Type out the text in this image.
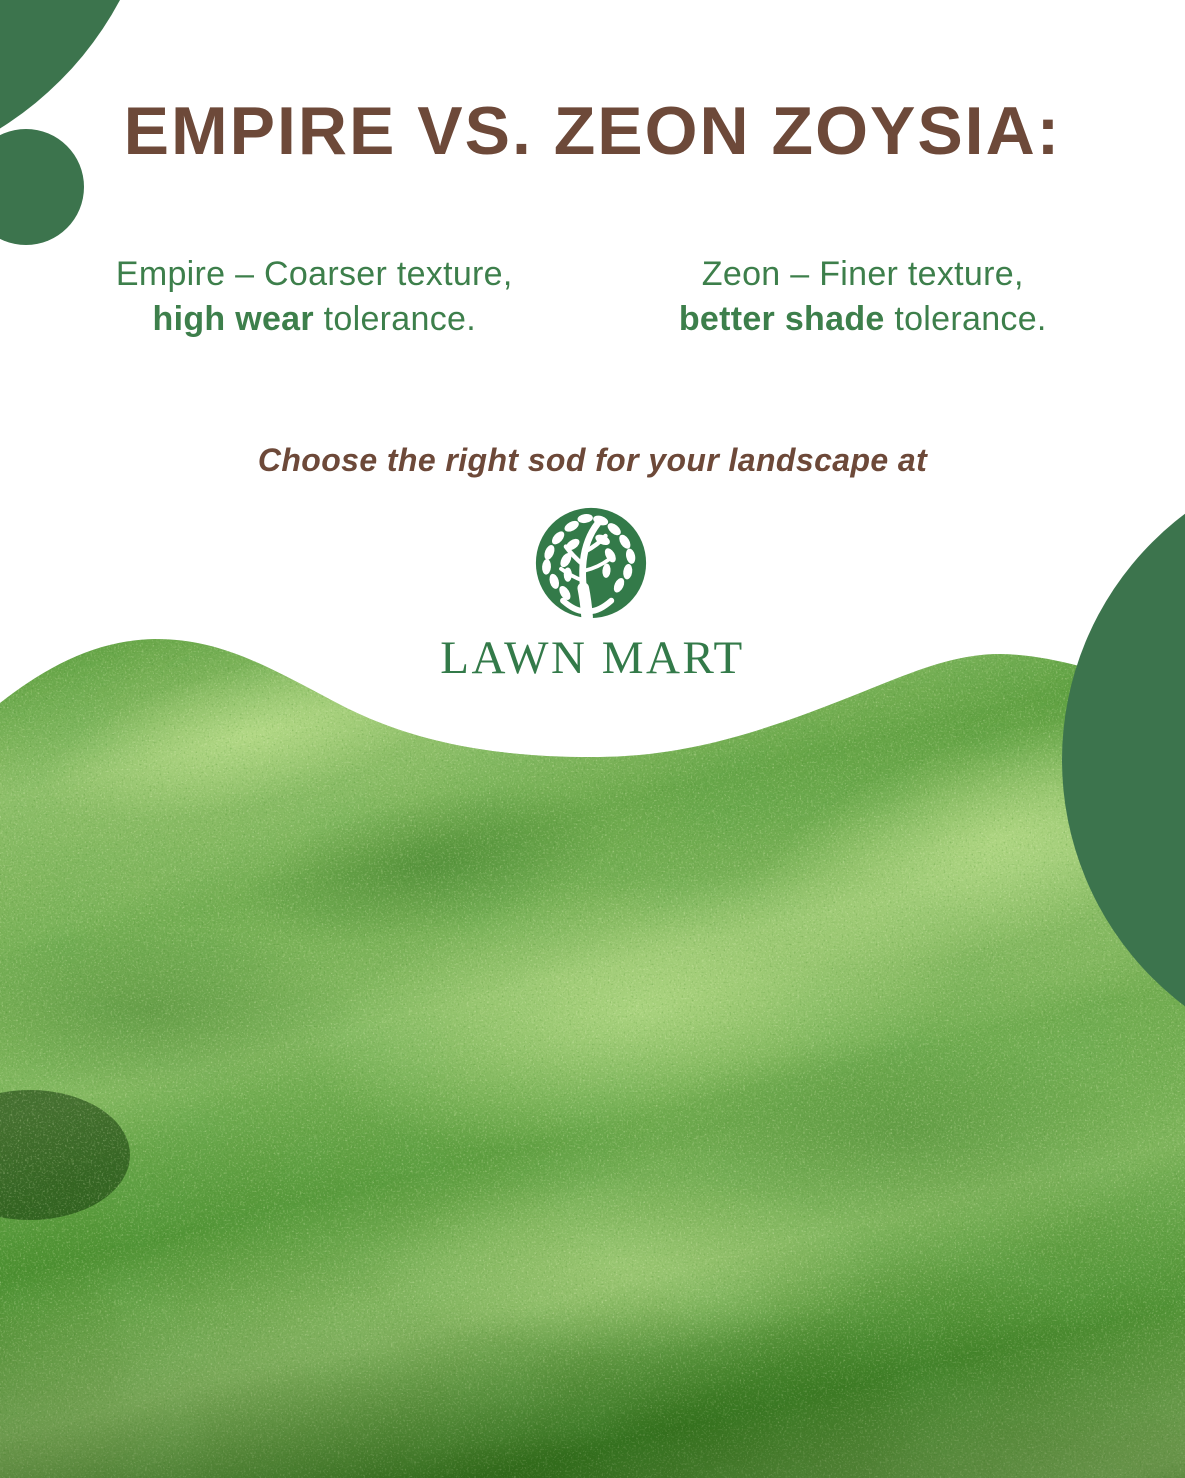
EMPIRE VS. ZEON ZOYSIA:

Empire – Coarser texture,
high wear tolerance.

Zeon – Finer texture,
better shade tolerance.

Choose the right sod for your landscape at

LAWN MART
